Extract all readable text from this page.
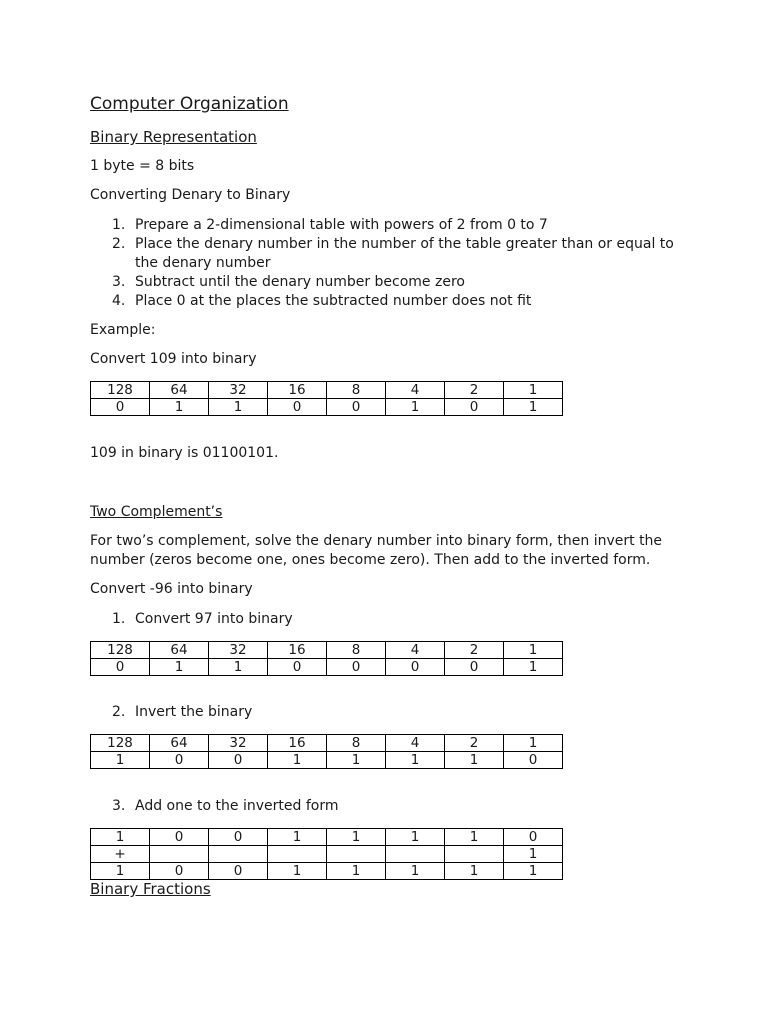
Computer Organization
Binary Representation
1 byte = 8 bits
Converting Denary to Binary
1. Prepare a 2-dimensional table with powers of 2 from 0 to 7
2. Place the denary number in the number of the table greater than or equal to the denary number
3. Subtract until the denary number become zero
4. Place 0 at the places the subtracted number does not fit
Example:
Convert 109 into binary
128	64	32	16	8	4	2	1
0	1	1	0	0	1	0	1
109 in binary is 01100101.
Two Complement’s
For two’s complement, solve the denary number into binary form, then invert the number (zeros become one, ones become zero). Then add to the inverted form.
Convert -96 into binary
1. Convert 97 into binary
128	64	32	16	8	4	2	1
0	1	1	0	0	0	0	1
2. Invert the binary
128	64	32	16	8	4	2	1
1	0	0	1	1	1	1	0
3. Add one to the inverted form
1	0	0	1	1	1	1	0
+							1
1	0	0	1	1	1	1	1
Binary Fractions
